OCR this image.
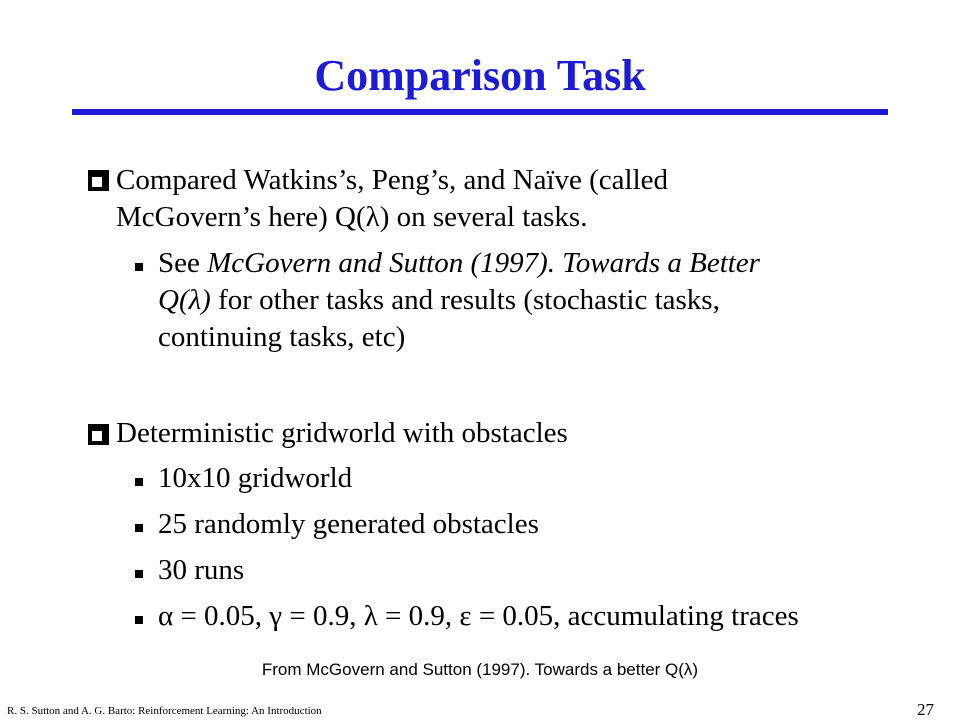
Comparison Task
Compared Watkins’s, Peng’s, and Naïve (called
McGovern’s here) Q(λ) on several tasks.
See McGovern and Sutton (1997). Towards a Better
Q(λ) for other tasks and results (stochastic tasks,
continuing tasks, etc)
Deterministic gridworld with obstacles
10x10 gridworld
25 randomly generated obstacles
30 runs
α = 0.05, γ = 0.9, λ = 0.9, ε = 0.05, accumulating traces
From McGovern and Sutton (1997). Towards a better Q(λ)
R. S. Sutton and A. G. Barto: Reinforcement Learning: An Introduction	27
